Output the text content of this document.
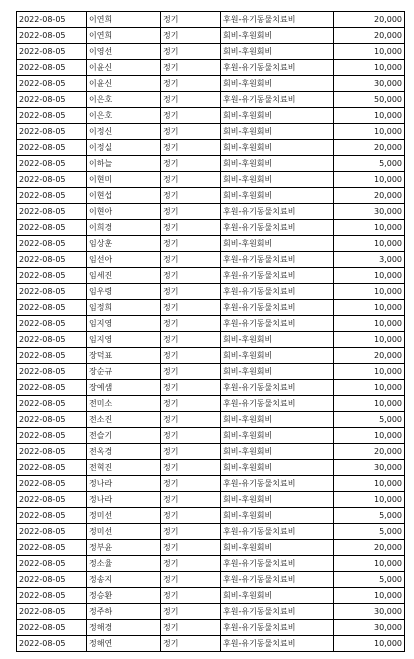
2022-08-05	이연희	정기	후원-유기동물치료비	20,000
2022-08-05	이연희	정기	회비-후원회비	20,000
2022-08-05	이영선	정기	회비-후원회비	10,000
2022-08-05	이윤신	정기	후원-유기동물치료비	10,000
2022-08-05	이윤신	정기	회비-후원회비	30,000
2022-08-05	이은호	정기	후원-유기동물치료비	50,000
2022-08-05	이은호	정기	회비-후원회비	10,000
2022-08-05	이정신	정기	회비-후원회비	10,000
2022-08-05	이정실	정기	회비-후원회비	20,000
2022-08-05	이하늘	정기	회비-후원회비	5,000
2022-08-05	이현미	정기	회비-후원회비	10,000
2022-08-05	이현섭	정기	회비-후원회비	20,000
2022-08-05	이현아	정기	후원-유기동물치료비	30,000
2022-08-05	이희경	정기	후원-유기동물치료비	10,000
2022-08-05	임상훈	정기	회비-후원회비	10,000
2022-08-05	임선아	정기	후원-유기동물치료비	3,000
2022-08-05	임세진	정기	후원-유기동물치료비	10,000
2022-08-05	임우령	정기	후원-유기동물치료비	10,000
2022-08-05	임정희	정기	후원-유기동물치료비	10,000
2022-08-05	임지영	정기	후원-유기동물치료비	10,000
2022-08-05	임지영	정기	회비-후원회비	10,000
2022-08-05	장덕표	정기	회비-후원회비	20,000
2022-08-05	장순규	정기	회비-후원회비	10,000
2022-08-05	장예샘	정기	후원-유기동물치료비	10,000
2022-08-05	전미소	정기	후원-유기동물치료비	10,000
2022-08-05	전소진	정기	회비-후원회비	5,000
2022-08-05	전슬기	정기	회비-후원회비	10,000
2022-08-05	전옥경	정기	회비-후원회비	20,000
2022-08-05	전혁진	정기	회비-후원회비	30,000
2022-08-05	정나라	정기	후원-유기동물치료비	10,000
2022-08-05	정나라	정기	회비-후원회비	10,000
2022-08-05	정미선	정기	회비-후원회비	5,000
2022-08-05	정미선	정기	후원-유기동물치료비	5,000
2022-08-05	정부윤	정기	회비-후원회비	20,000
2022-08-05	정소율	정기	후원-유기동물치료비	10,000
2022-08-05	정송지	정기	후원-유기동물치료비	5,000
2022-08-05	정승환	정기	회비-후원회비	10,000
2022-08-05	정주하	정기	후원-유기동물치료비	30,000
2022-08-05	정해경	정기	후원-유기동물치료비	30,000
2022-08-05	정해연	정기	후원-유기동물치료비	10,000
